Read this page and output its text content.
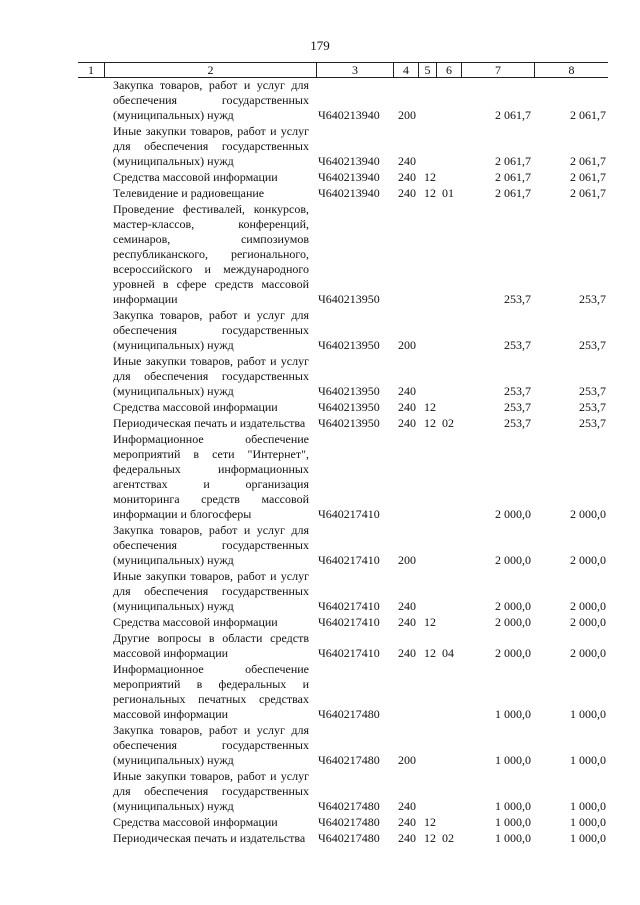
179
1	2	3	4	5	6	7	8
Закупка товаров, работ и услуг для обеспечения государственных (муниципальных) нужд	Ч640213940 200	2 061,7	2 061,7
Иные закупки товаров, работ и услуг для обеспечения государственных (муниципальных) нужд	Ч640213940 240	2 061,7	2 061,7
Средства массовой информации	Ч640213940 240 12	2 061,7	2 061,7
Телевидение и радиовещание	Ч640213940 240 12 01	2 061,7	2 061,7
Проведение фестивалей, конкурсов, мастер-классов, конференций, семинаров, симпозиумов республиканского, регионального, всероссийского и международного уровней в сфере средств массовой информации	Ч640213950	253,7	253,7
Закупка товаров, работ и услуг для обеспечения государственных (муниципальных) нужд	Ч640213950 200	253,7	253,7
Иные закупки товаров, работ и услуг для обеспечения государственных (муниципальных) нужд	Ч640213950 240	253,7	253,7
Средства массовой информации	Ч640213950 240 12	253,7	253,7
Периодическая печать и издательства	Ч640213950 240 12 02	253,7	253,7
Информационное обеспечение мероприятий в сети "Интернет", федеральных информационных агентствах и организация мониторинга средств массовой информации и блогосферы	Ч640217410	2 000,0	2 000,0
Закупка товаров, работ и услуг для обеспечения государственных (муниципальных) нужд	Ч640217410 200	2 000,0	2 000,0
Иные закупки товаров, работ и услуг для обеспечения государственных (муниципальных) нужд	Ч640217410 240	2 000,0	2 000,0
Средства массовой информации	Ч640217410 240 12	2 000,0	2 000,0
Другие вопросы в области средств массовой информации	Ч640217410 240 12 04	2 000,0	2 000,0
Информационное обеспечение мероприятий в федеральных и региональных печатных средствах массовой информации	Ч640217480	1 000,0	1 000,0
Закупка товаров, работ и услуг для обеспечения государственных (муниципальных) нужд	Ч640217480 200	1 000,0	1 000,0
Иные закупки товаров, работ и услуг для обеспечения государственных (муниципальных) нужд	Ч640217480 240	1 000,0	1 000,0
Средства массовой информации	Ч640217480 240 12	1 000,0	1 000,0
Периодическая печать и издательства	Ч640217480 240 12 02	1 000,0	1 000,0
